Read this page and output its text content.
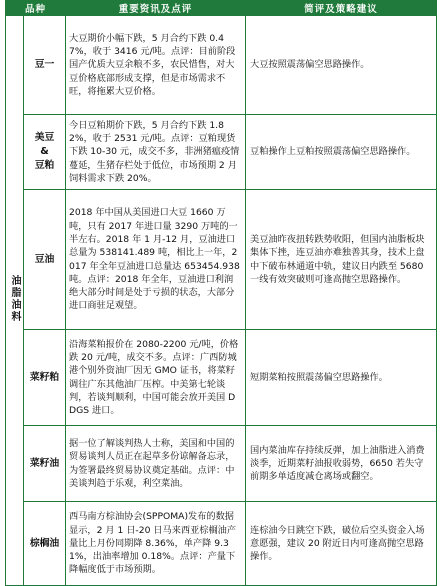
品种		重要资讯及点评	简评及策略建议
油脂油料	豆一	大豆期价小幅下跌，5 月合约下跌 0.47%，收于 3416 元/吨。点评：目前阶段国产优质大豆余粮不多，农民惜售，对大豆价格底部形成支撑，但是市场需求不旺，将拖累大豆价格。	大豆按照震荡偏空思路操作。

	美豆
&
豆粕	今日豆粕期价下跌，5 月合约下跌 1.82%，收于 2531 元/吨。点评：豆粕现货下跌 10-30 元，成交不多，非洲猪瘟疫情蔓延，生猪存栏处于低位，市场预期 2 月饲料需求下跌 20%。	豆粕操作上豆粕按照震荡偏空思路操作。
	豆油	2018 年中国从美国进口大豆 1660 万吨，只有 2017 年进口量 3290 万吨的一半左右。2018 年 1 月-12 月，豆油进口总量为 538141.489 吨，相比上一年，2017 年全年豆油进口总量达 653454.938 吨。点评：2018 年全年，豆油进口利润绝大部分时间是处于亏损的状态，大部分进口商驻足观望。	美豆油昨夜扭转跌势收阳，但国内油脂板块集体下挫，连豆油亦难独善其身，技术上盘中下破布林通道中轨，建议日内跌至 5680 一线有效突破则可逢高抛空思路操作。
	菜籽粕	沿海菜粕报价在 2080-2200 元/吨，价格跌 20 元/吨，成交不多。点评：广西防城港个别外资油厂因无 GMO 证书，将菜籽调往广东其他油厂压榨。中美第七轮谈判，若谈判顺利，中国可能会放开美国 DDGS 进口。	短期菜粕按照震荡偏空思路操作。
	菜籽油	据一位了解谈判热人士称，美国和中国的贸易谈判人员正在起草多份谅解备忘录，为签署最终贸易协议奠定基础。点评：中美谈判趋于乐观，利空菜油。	国内菜油库存持续反弹，加上油脂进入消费淡季，近期菜籽油报收弱势，6650 若失守前期多单适度减仓离场或翻空。
	棕榈油	西马南方棕油协会(SPPOMA)发布的数据显示，2 月 1 日-20 日马来西亚棕榈油产量比上月份同期降 8.36%，单产降 9.31%，出油率增加 0.18%。点评：产量下降幅度低于市场预期。	连棕油今日跳空下跌，破位后空头资金入场意愿强，建议 20 附近日内可逢高抛空思路操作。
